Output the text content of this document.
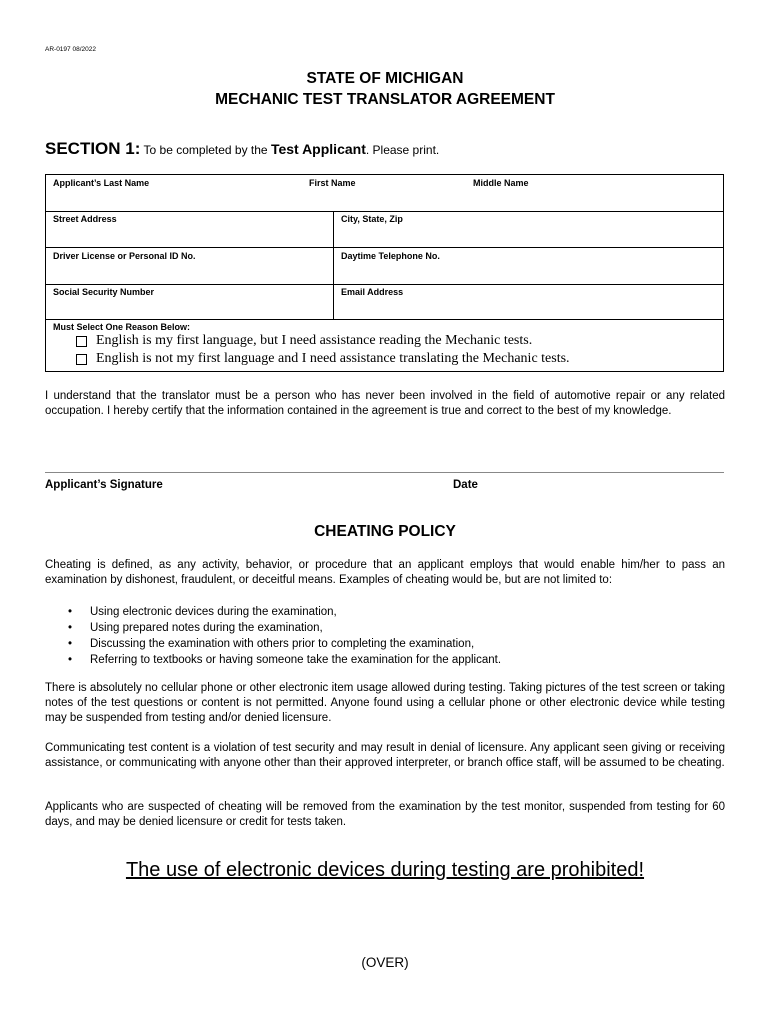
AR-0197 08/2022
STATE OF MICHIGAN
MECHANIC TEST TRANSLATOR AGREEMENT
SECTION 1: To be completed by the Test Applicant. Please print.
Applicant’s Last Name	First Name	Middle Name
Street Address	City, State, Zip
Driver License or Personal ID No.	Daytime Telephone No.
Social Security Number	Email Address
Must Select One Reason Below:
English is my first language, but I need assistance reading the Mechanic tests.
English is not my first language and I need assistance translating the Mechanic tests.
I understand that the translator must be a person who has never been involved in the field of automotive repair or any related occupation. I hereby certify that the information contained in the agreement is true and correct to the best of my knowledge.
Applicant’s Signature	Date
CHEATING POLICY
Cheating is defined, as any activity, behavior, or procedure that an applicant employs that would enable him/her to pass an examination by dishonest, fraudulent, or deceitful means. Examples of cheating would be, but are not limited to:
• Using electronic devices during the examination,
• Using prepared notes during the examination,
• Discussing the examination with others prior to completing the examination,
• Referring to textbooks or having someone take the examination for the applicant.
There is absolutely no cellular phone or other electronic item usage allowed during testing. Taking pictures of the test screen or taking notes of the test questions or content is not permitted. Anyone found using a cellular phone or other electronic device while testing may be suspended from testing and/or denied licensure.
Communicating test content is a violation of test security and may result in denial of licensure. Any applicant seen giving or receiving assistance, or communicating with anyone other than their approved interpreter, or branch office staff, will be assumed to be cheating.
Applicants who are suspected of cheating will be removed from the examination by the test monitor, suspended from testing for 60 days, and may be denied licensure or credit for tests taken.
The use of electronic devices during testing are prohibited!
(OVER)
